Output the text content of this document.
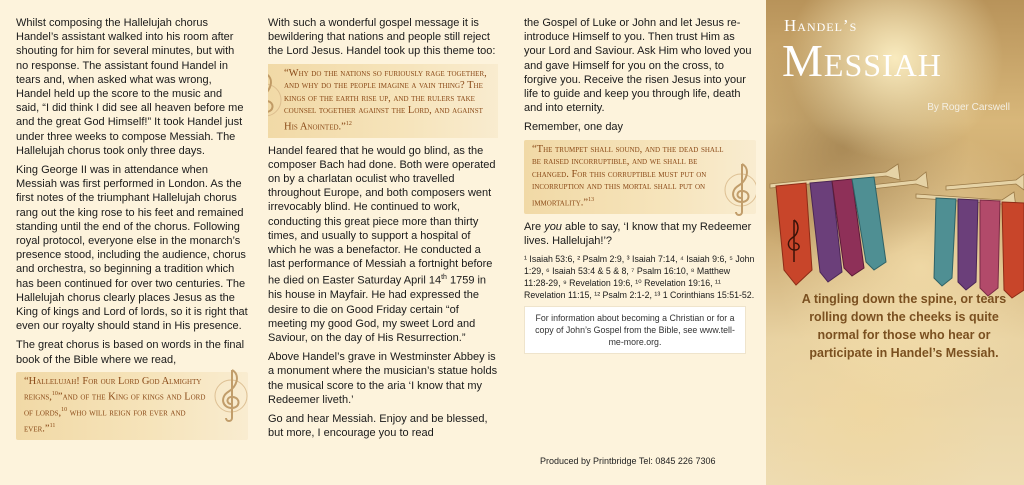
Whilst composing the Hallelujah chorus Handel’s assistant walked into his room after shouting for him for several minutes, but with no response. The assistant found Handel in tears and, when asked what was wrong, Handel held up the score to the music and said, “I did think I did see all heaven before me and the great God Himself!” It took Handel just under three weeks to compose Messiah. The Hallelujah chorus took only three days.

King George II was in attendance when Messiah was first performed in London. As the first notes of the triumphant Hallelujah chorus rang out the king rose to his feet and remained standing until the end of the chorus. Following royal protocol, everyone else in the monarch’s presence stood, including the audience, chorus and orchestra, so beginning a tradition which has been continued for over two centuries. The Hallelujah chorus clearly places Jesus as the King of kings and Lord of lords, so it is right that even our royalty should stand in His presence.

The great chorus is based on words in the final book of the Bible where we read,

“Hallelujah! For our Lord God Almighty reigns,$^{10}$”and of the King of kings and Lord of lords,$^{10}$ who will reign for ever and ever.”$^{11}$

With such a wonderful gospel message it is bewildering that nations and people still reject the Lord Jesus. Handel took up this theme too:

“Why do the nations so furiously rage together, and why do the people imagine a vain thing? The kings of the earth rise up, and the rulers take counsel together against the Lord, and against His Anointed.”$^{12}$

Handel feared that he would go blind, as the composer Bach had done. Both were operated on by a charlatan oculist who travelled throughout Europe, and both composers went irrevocably blind. He continued to work, conducting this great piece more than thirty times, and usually to support a hospital of which he was a benefactor. He conducted a last performance of Messiah a fortnight before he died on Easter Saturday April 14th 1759 in his house in Mayfair. He had expressed the desire to die on Good Friday certain “of meeting my good God, my sweet Lord and Saviour, on the day of His Resurrection.”

Above Handel’s grave in Westminster Abbey is a monument where the musician’s statue holds the musical score to the aria ‘I know that my Redeemer liveth.’

Go and hear Messiah. Enjoy and be blessed, but more, I encourage you to read

the Gospel of Luke or John and let Jesus re-introduce Himself to you. Then trust Him as your Lord and Saviour. Ask Him who loved you and gave Himself for you on the cross, to forgive you. Receive the risen Jesus into your life to guide and keep you through life, death and into eternity.

Remember, one day

“The trumpet shall sound, and the dead shall be raised incorruptible, and we shall be changed. For this corruptible must put on incorruption and this mortal shall put on immortality.”$^{13}$

Are you able to say, ‘I know that my Redeemer lives. Hallelujah!’?

¹ Isaiah 53:6, ² Psalm 2:9, ³ Isaiah 7:14, ⁴ Isaiah 9:6, ⁵ John 1:29, ⁶ Isaiah 53:4 & 5 & 8, ⁷ Psalm 16:10, ⁸ Matthew 11:28-29, ⁹ Revelation 19:6, ¹⁰ Revelation 19:16, ¹¹ Revelation 11:15, ¹² Psalm 2:1-2, ¹³ 1 Corinthians 15:51-52.

For information about becoming a Christian or for a copy of John’s Gospel from the Bible, see www.tell-me-more.org.
Produced by Printbridge Tel: 0845 226 7306
Handel’s
Messiah
By Roger Carswell
A tingling down the spine, or tears rolling down the cheeks is quite normal for those who hear or participate in Handel’s Messiah.
